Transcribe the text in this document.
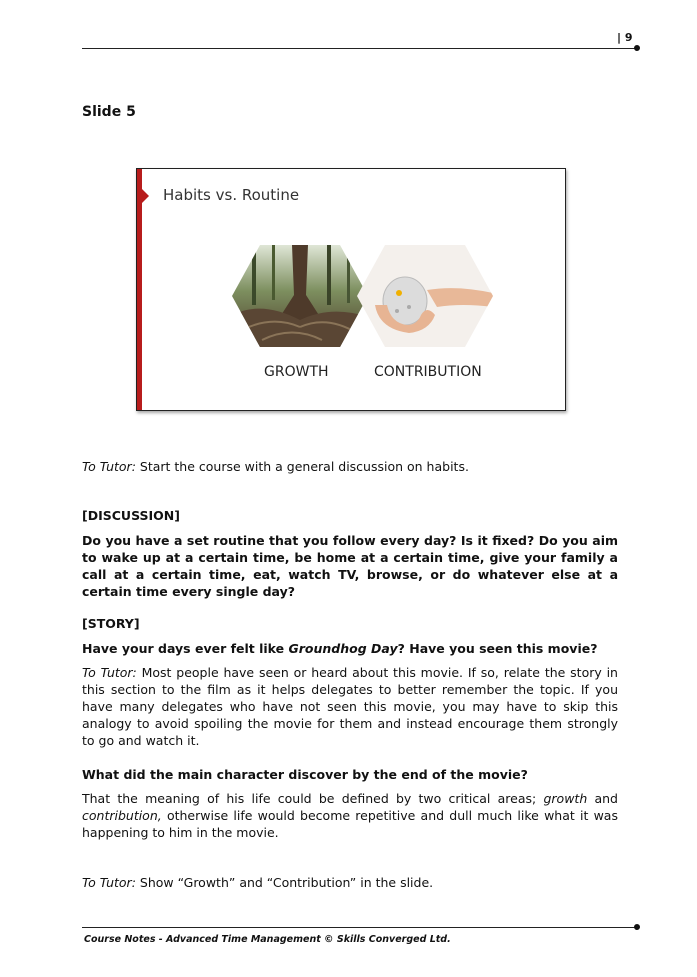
| 9
Slide 5
Habits vs. Routine
GROWTH	CONTRIBUTION
To Tutor: Start the course with a general discussion on habits.
[DISCUSSION]
Do you have a set routine that you follow every day? Is it fixed? Do you aim to wake up at a certain time, be home at a certain time, give your family a call at a certain time, eat, watch TV, browse, or do whatever else at a certain time every single day?
[STORY]
Have your days ever felt like Groundhog Day? Have you seen this movie?
To Tutor: Most people have seen or heard about this movie. If so, relate the story in this section to the film as it helps delegates to better remember the topic. If you have many delegates who have not seen this movie, you may have to skip this analogy to avoid spoiling the movie for them and instead encourage them strongly to go and watch it.
What did the main character discover by the end of the movie?
That the meaning of his life could be defined by two critical areas; growth and contribution, otherwise life would become repetitive and dull much like what it was happening to him in the movie.
To Tutor: Show “Growth” and “Contribution” in the slide.
Course Notes - Advanced Time Management © Skills Converged Ltd.
